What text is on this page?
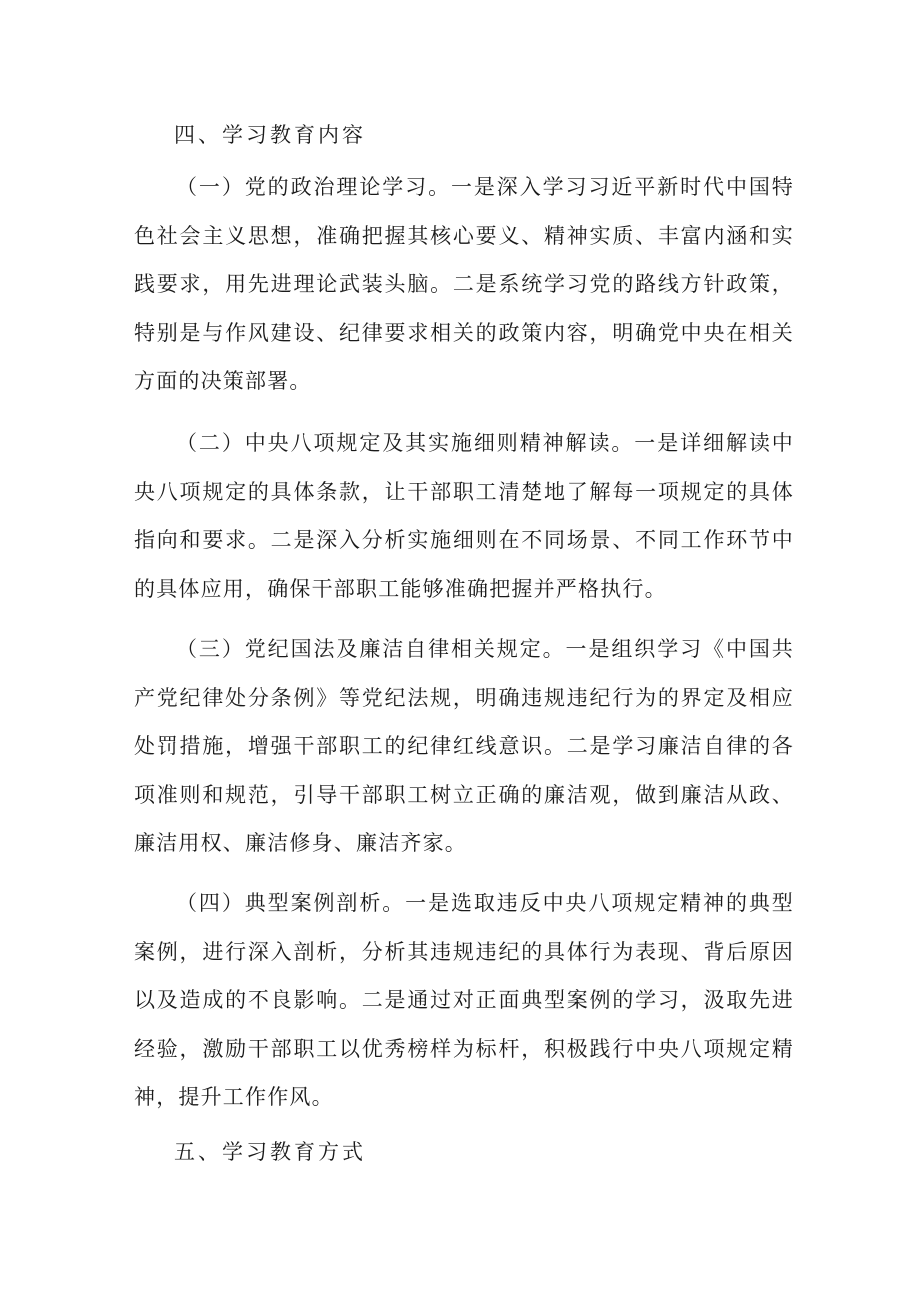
四、学习教育内容

（一）党的政治理论学习。一是深入学习习近平新时代中国特色社会主义思想，准确把握其核心要义、精神实质、丰富内涵和实践要求，用先进理论武装头脑。二是系统学习党的路线方针政策，特别是与作风建设、纪律要求相关的政策内容，明确党中央在相关方面的决策部署。

（二）中央八项规定及其实施细则精神解读。一是详细解读中央八项规定的具体条款，让干部职工清楚地了解每一项规定的具体指向和要求。二是深入分析实施细则在不同场景、不同工作环节中的具体应用，确保干部职工能够准确把握并严格执行。

（三）党纪国法及廉洁自律相关规定。一是组织学习《中国共产党纪律处分条例》等党纪法规，明确违规违纪行为的界定及相应处罚措施，增强干部职工的纪律红线意识。二是学习廉洁自律的各项准则和规范，引导干部职工树立正确的廉洁观，做到廉洁从政、廉洁用权、廉洁修身、廉洁齐家。

（四）典型案例剖析。一是选取违反中央八项规定精神的典型案例，进行深入剖析，分析其违规违纪的具体行为表现、背后原因以及造成的不良影响。二是通过对正面典型案例的学习，汲取先进经验，激励干部职工以优秀榜样为标杆，积极践行中央八项规定精神，提升工作作风。

五、学习教育方式
